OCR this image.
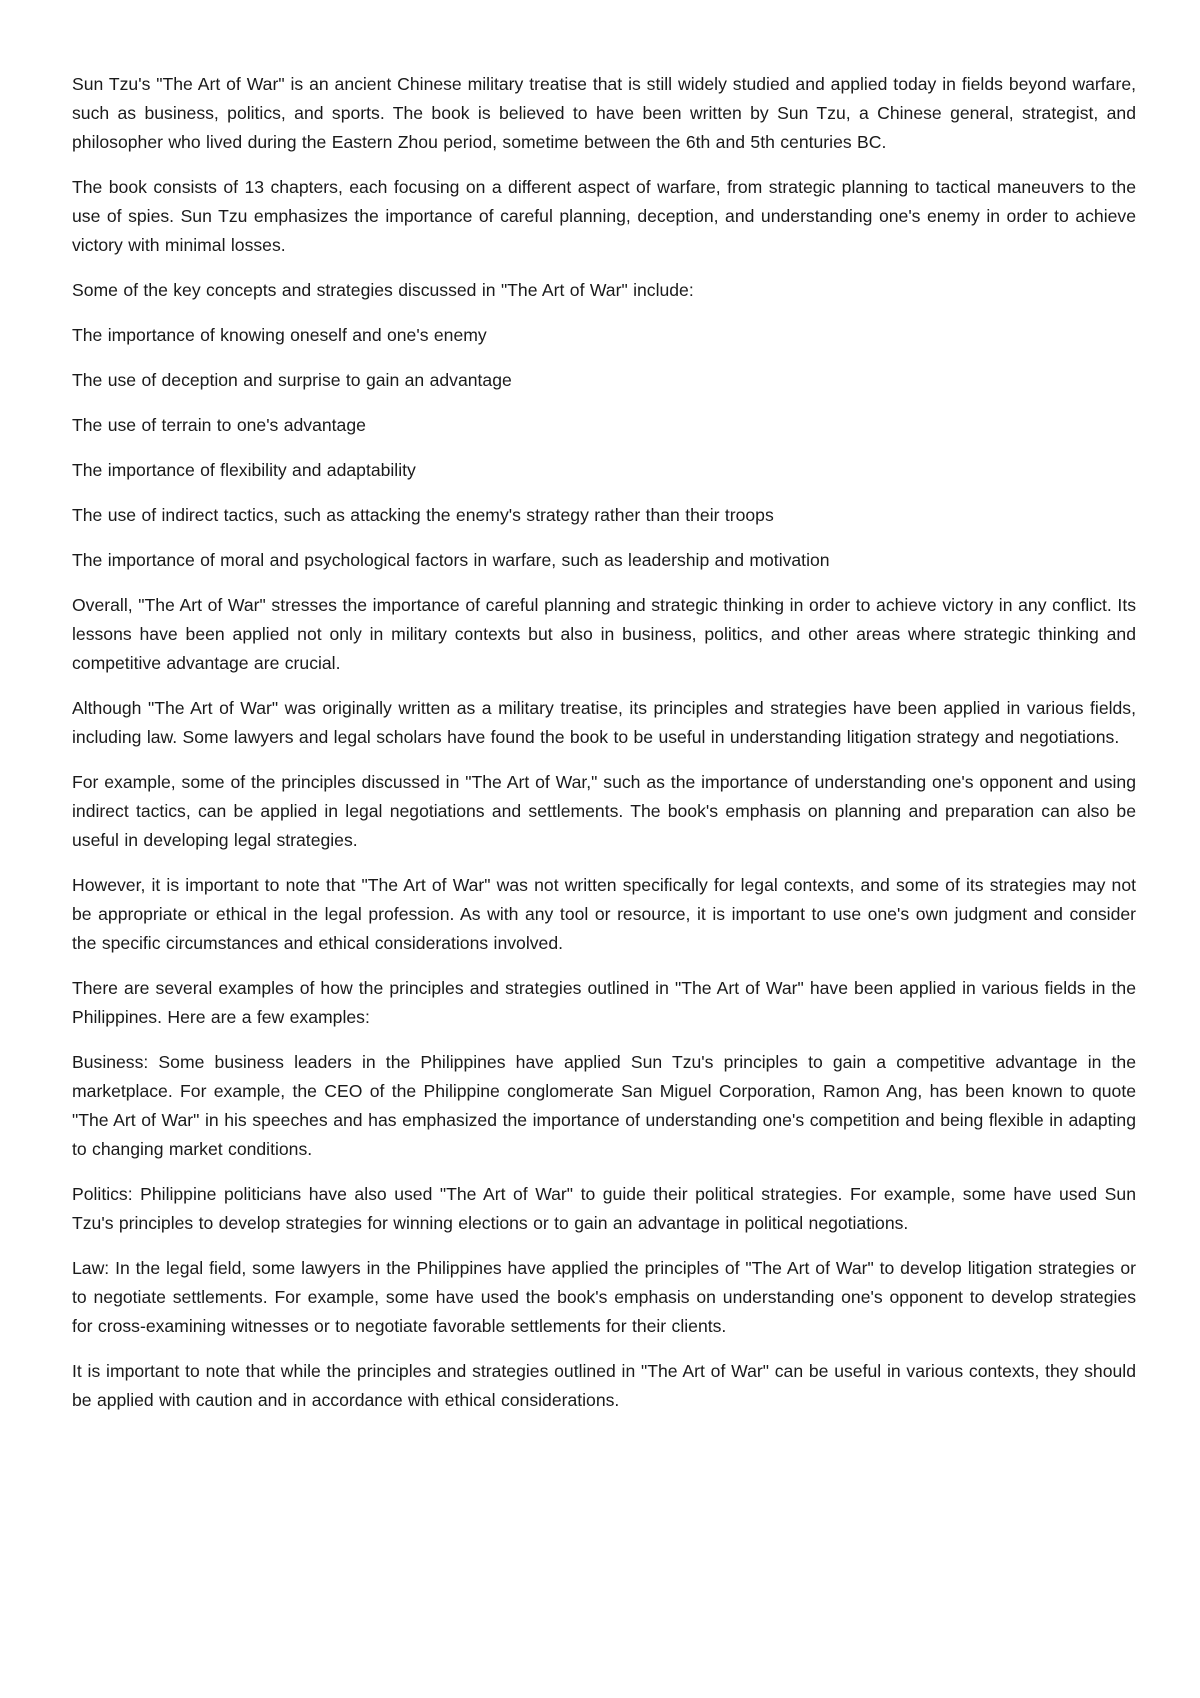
Sun Tzu's "The Art of War" is an ancient Chinese military treatise that is still widely studied and applied today in fields beyond warfare, such as business, politics, and sports. The book is believed to have been written by Sun Tzu, a Chinese general, strategist, and philosopher who lived during the Eastern Zhou period, sometime between the 6th and 5th centuries BC.

The book consists of 13 chapters, each focusing on a different aspect of warfare, from strategic planning to tactical maneuvers to the use of spies. Sun Tzu emphasizes the importance of careful planning, deception, and understanding one's enemy in order to achieve victory with minimal losses.

Some of the key concepts and strategies discussed in "The Art of War" include:

The importance of knowing oneself and one's enemy

The use of deception and surprise to gain an advantage

The use of terrain to one's advantage

The importance of flexibility and adaptability

The use of indirect tactics, such as attacking the enemy's strategy rather than their troops

The importance of moral and psychological factors in warfare, such as leadership and motivation

Overall, "The Art of War" stresses the importance of careful planning and strategic thinking in order to achieve victory in any conflict. Its lessons have been applied not only in military contexts but also in business, politics, and other areas where strategic thinking and competitive advantage are crucial.

Although "The Art of War" was originally written as a military treatise, its principles and strategies have been applied in various fields, including law. Some lawyers and legal scholars have found the book to be useful in understanding litigation strategy and negotiations.

For example, some of the principles discussed in "The Art of War," such as the importance of understanding one's opponent and using indirect tactics, can be applied in legal negotiations and settlements. The book's emphasis on planning and preparation can also be useful in developing legal strategies.

However, it is important to note that "The Art of War" was not written specifically for legal contexts, and some of its strategies may not be appropriate or ethical in the legal profession. As with any tool or resource, it is important to use one's own judgment and consider the specific circumstances and ethical considerations involved.

There are several examples of how the principles and strategies outlined in "The Art of War" have been applied in various fields in the Philippines. Here are a few examples:

Business: Some business leaders in the Philippines have applied Sun Tzu's principles to gain a competitive advantage in the marketplace. For example, the CEO of the Philippine conglomerate San Miguel Corporation, Ramon Ang, has been known to quote "The Art of War" in his speeches and has emphasized the importance of understanding one's competition and being flexible in adapting to changing market conditions.

Politics: Philippine politicians have also used "The Art of War" to guide their political strategies. For example, some have used Sun Tzu's principles to develop strategies for winning elections or to gain an advantage in political negotiations.

Law: In the legal field, some lawyers in the Philippines have applied the principles of "The Art of War" to develop litigation strategies or to negotiate settlements. For example, some have used the book's emphasis on understanding one's opponent to develop strategies for cross-examining witnesses or to negotiate favorable settlements for their clients.

It is important to note that while the principles and strategies outlined in "The Art of War" can be useful in various contexts, they should be applied with caution and in accordance with ethical considerations.
